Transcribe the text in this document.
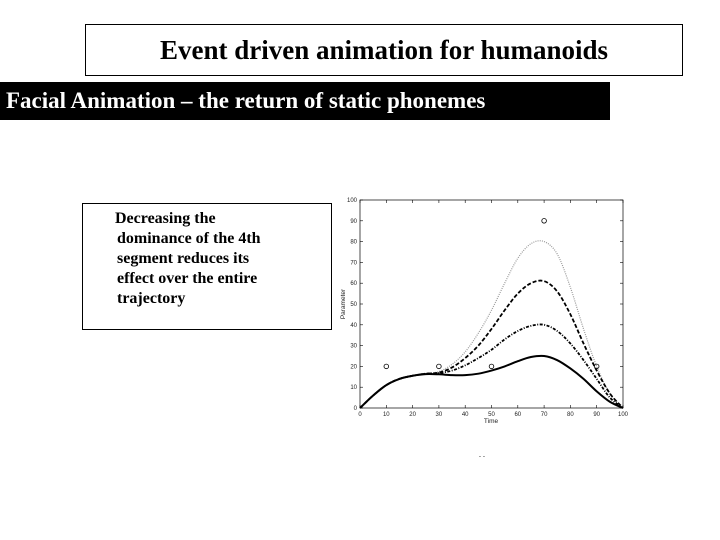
Event driven animation for humanoids
Facial Animation – the return of static phonemes
Decreasing the
dominance of the 4th
segment reduces its
effect over the entire
trajectory
0
10
20
30
40
50
60
70
80
90
100
0	10	20	30	40	50	60	70	80	90	100
Time
Parameter
- -
